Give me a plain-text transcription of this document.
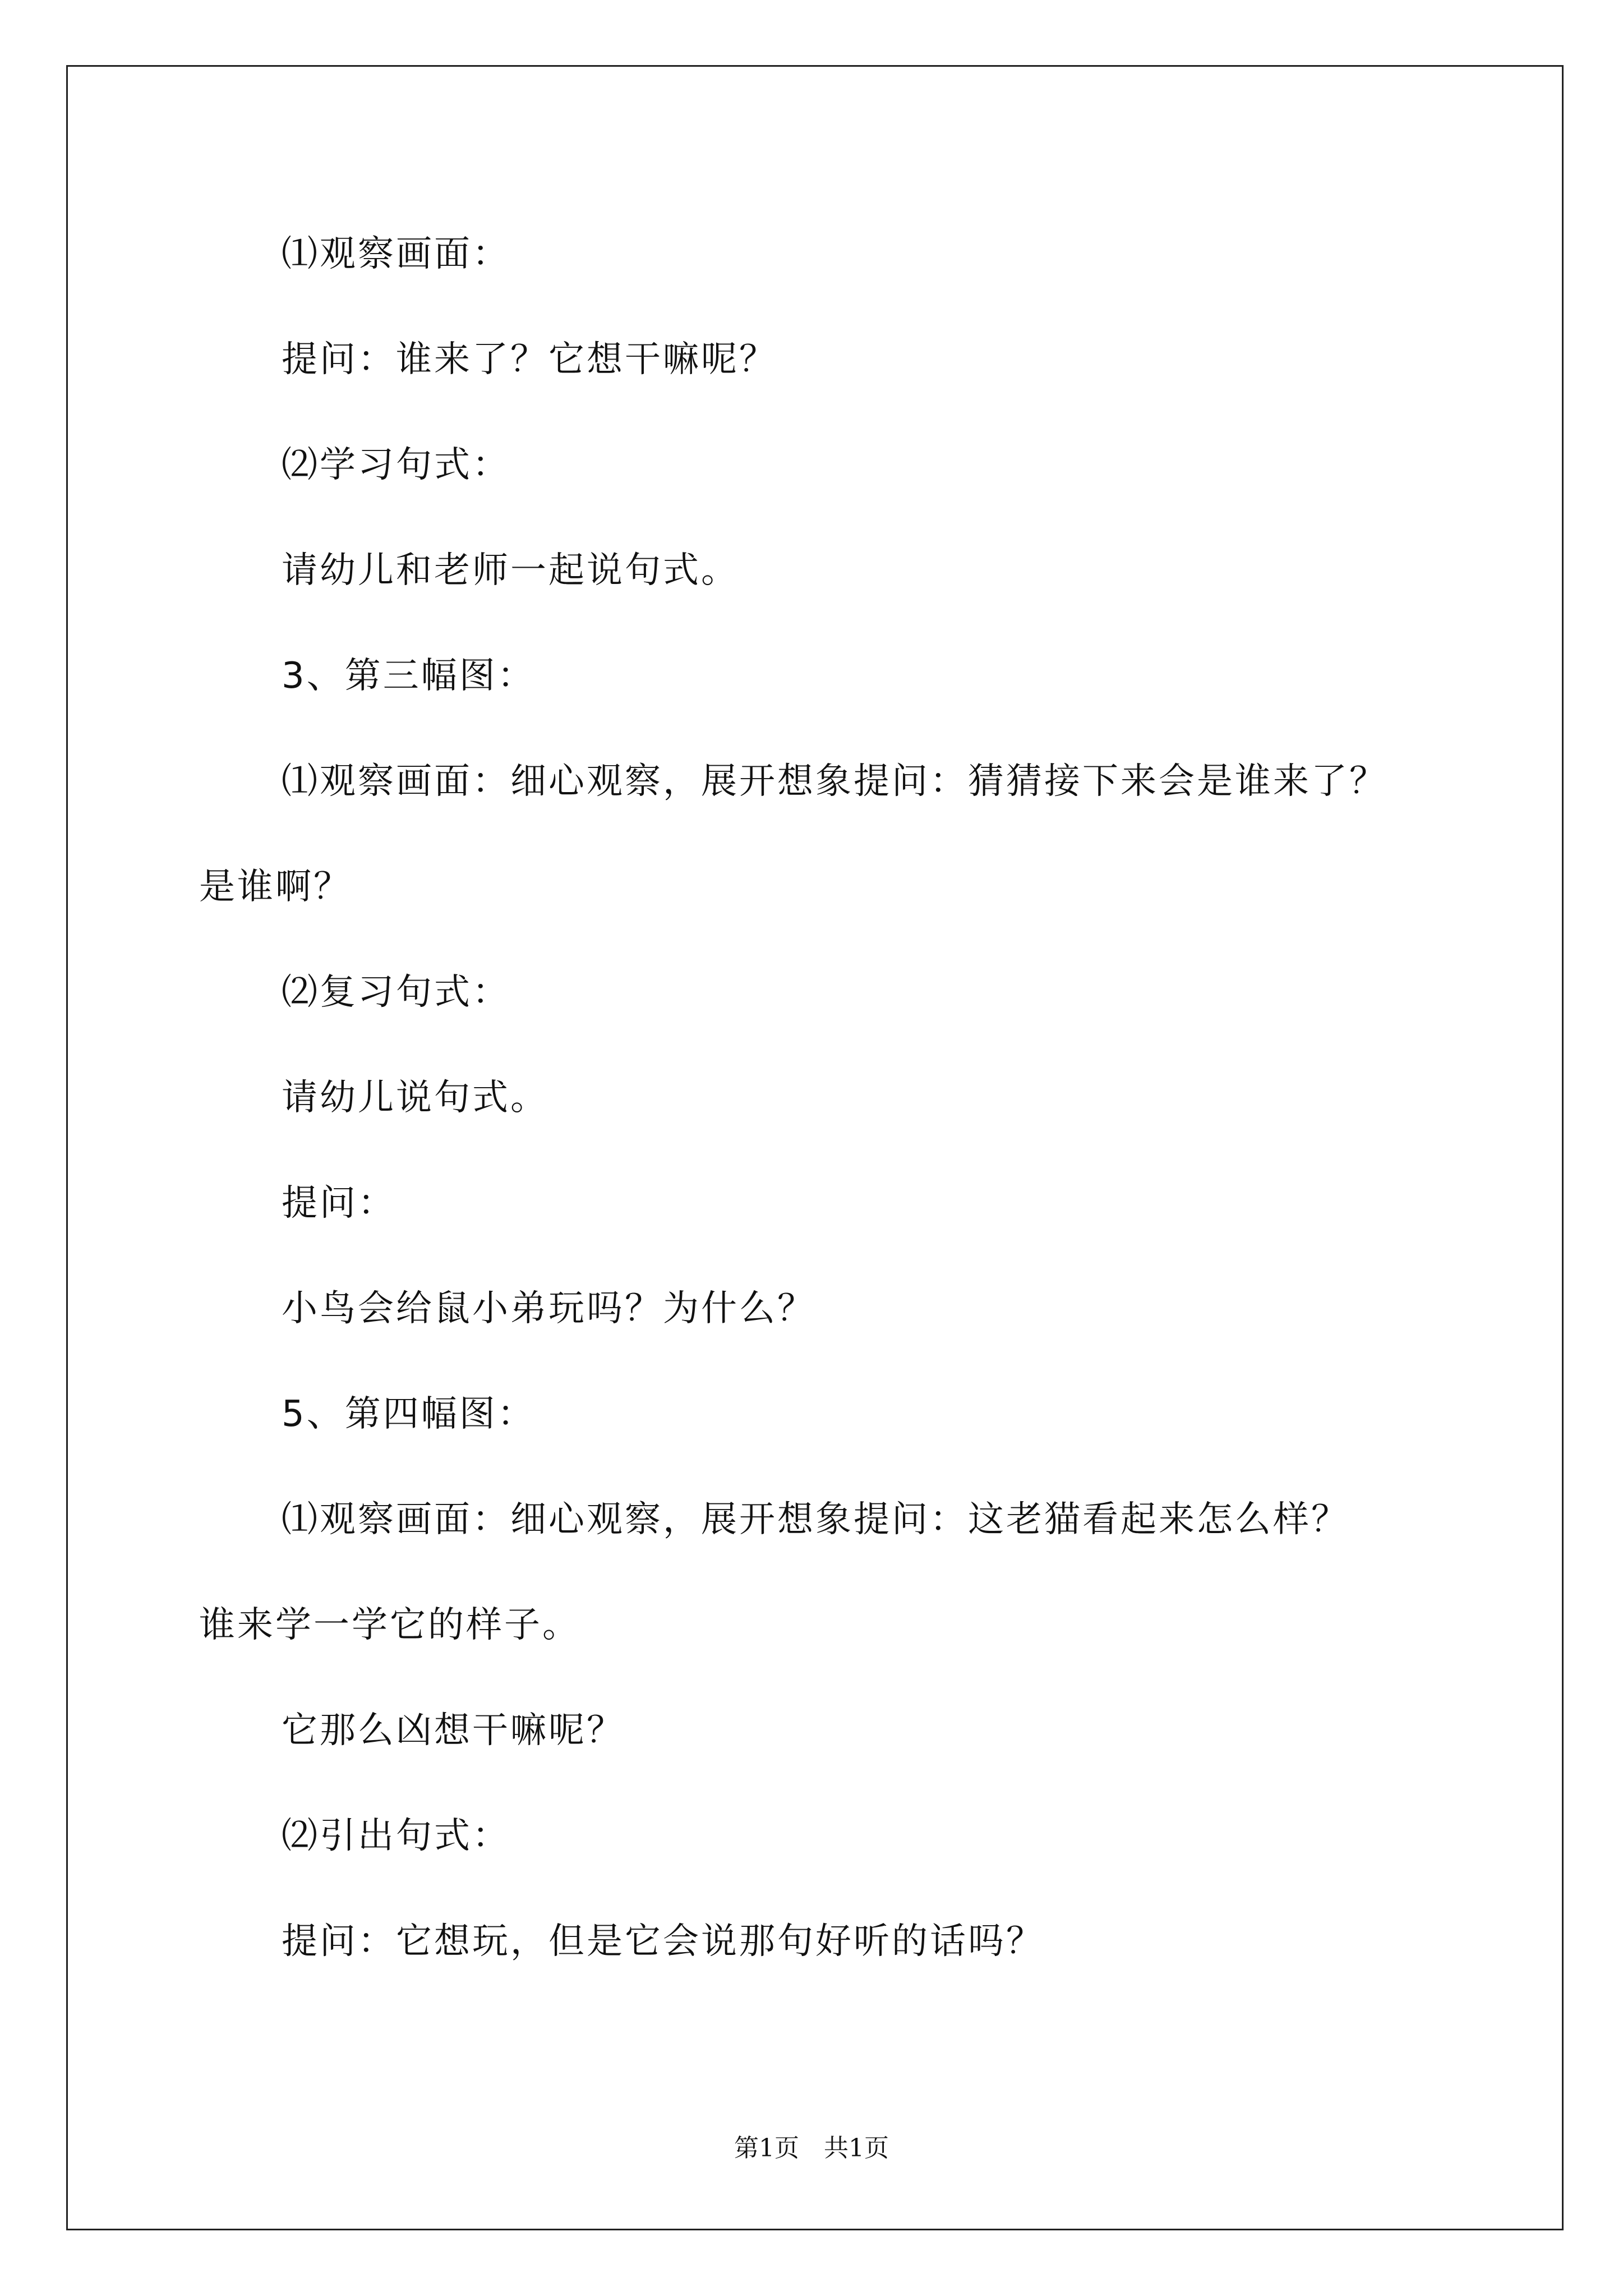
⑴观察画面：
提问：谁来了？它想干嘛呢？
⑵学习句式：
请幼儿和老师一起说句式。
3、第三幅图：
⑴观察画面：细心观察，展开想象提问：猜猜接下来会是谁来了？
是谁啊？
⑵复习句式：
请幼儿说句式。
提问：
小鸟会给鼠小弟玩吗？为什么？
5、第四幅图：
⑴观察画面：细心观察，展开想象提问：这老猫看起来怎么样？
谁来学一学它的样子。
它那么凶想干嘛呢？
⑵引出句式：
提问：它想玩，但是它会说那句好听的话吗？
第1页　共1页
